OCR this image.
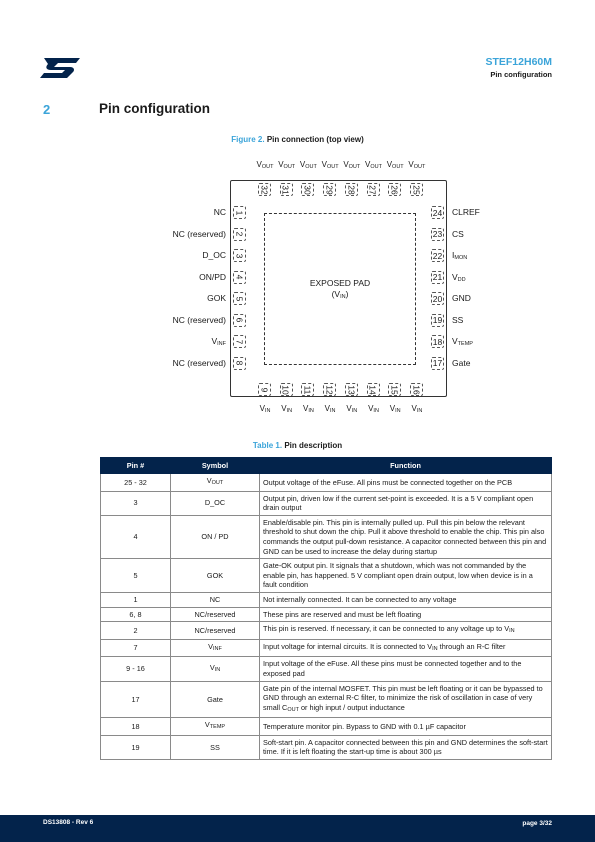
STEF12H60M
Pin configuration
2	Pin configuration
Figure 2. Pin connection (top view)
EXPOSED PAD
$(V_{IN})$
1
NC
2
NC (reserved)
3
D_OC
4
ON/PD
5
GOK
6
NC (reserved)
7
$V_{INF}$
8
NC (reserved)
24 CLREF
23 CS
22 $I_{MON}$
21 $V_{DD}$
20 GND
19 SS
18 $V_{TEMP}$
17 Gate
32
$V_{OUT}$
31
$V_{OUT}$
30
$V_{OUT}$
29
$V_{OUT}$
28
$V_{OUT}$
27
$V_{OUT}$
26
$V_{OUT}$
25
$V_{OUT}$
9
$V_{IN}$
10
$V_{IN}$
11
$V_{IN}$
12
$V_{IN}$
13
$V_{IN}$
14
$V_{IN}$
15
$V_{IN}$
16
$V_{IN}$
Table 1. Pin description
Pin #	Symbol	Function
25 - 32	$V_{OUT}$	Output voltage of the eFuse. All pins must be connected together on the PCB
3	D_OC	Output pin, driven low if the current set-point is exceeded. It is a 5 V compliant open drain output
4	ON / PD	Enable/disable pin. This pin is internally pulled up. Pull this pin below the relevant threshold to shut down the chip. Pull it above threshold to enable the chip. This pin also commands the output pull-down resistance. A capacitor connected between this pin and GND can be used to increase the delay during startup
5	GOK	Gate-OK output pin. It signals that a shutdown, which was not commanded by the enable pin, has happened. 5 V compliant open drain output, low when device is in a fault condition
1	NC	Not internally connected. It can be connected to any voltage
6, 8	NC/reserved	These pins are reserved and must be left floating
2	NC/reserved	This pin is reserved. If necessary, it can be connected to any voltage up to $V_{IN}$
7	$V_{INF}$	Input voltage for internal circuits. It is connected to $V_{IN}$ through an R-C filter
9 - 16	$V_{IN}$	Input voltage of the eFuse. All these pins must be connected together and to the exposed pad
17	Gate	Gate pin of the internal MOSFET. This pin must be left floating or it can be bypassed to GND through an external R-C filter, to minimize the risk of oscillation in case of very small $C_{OUT}$ or high input / output inductance
18	$V_{TEMP}$	Temperature monitor pin. Bypass to GND with 0.1 µF capacitor
19	SS	Soft-start pin. A capacitor connected between this pin and GND determines the soft-start time. If it is left floating the start-up time is about 300 µs
DS13808 - Rev 6	page 3/32
